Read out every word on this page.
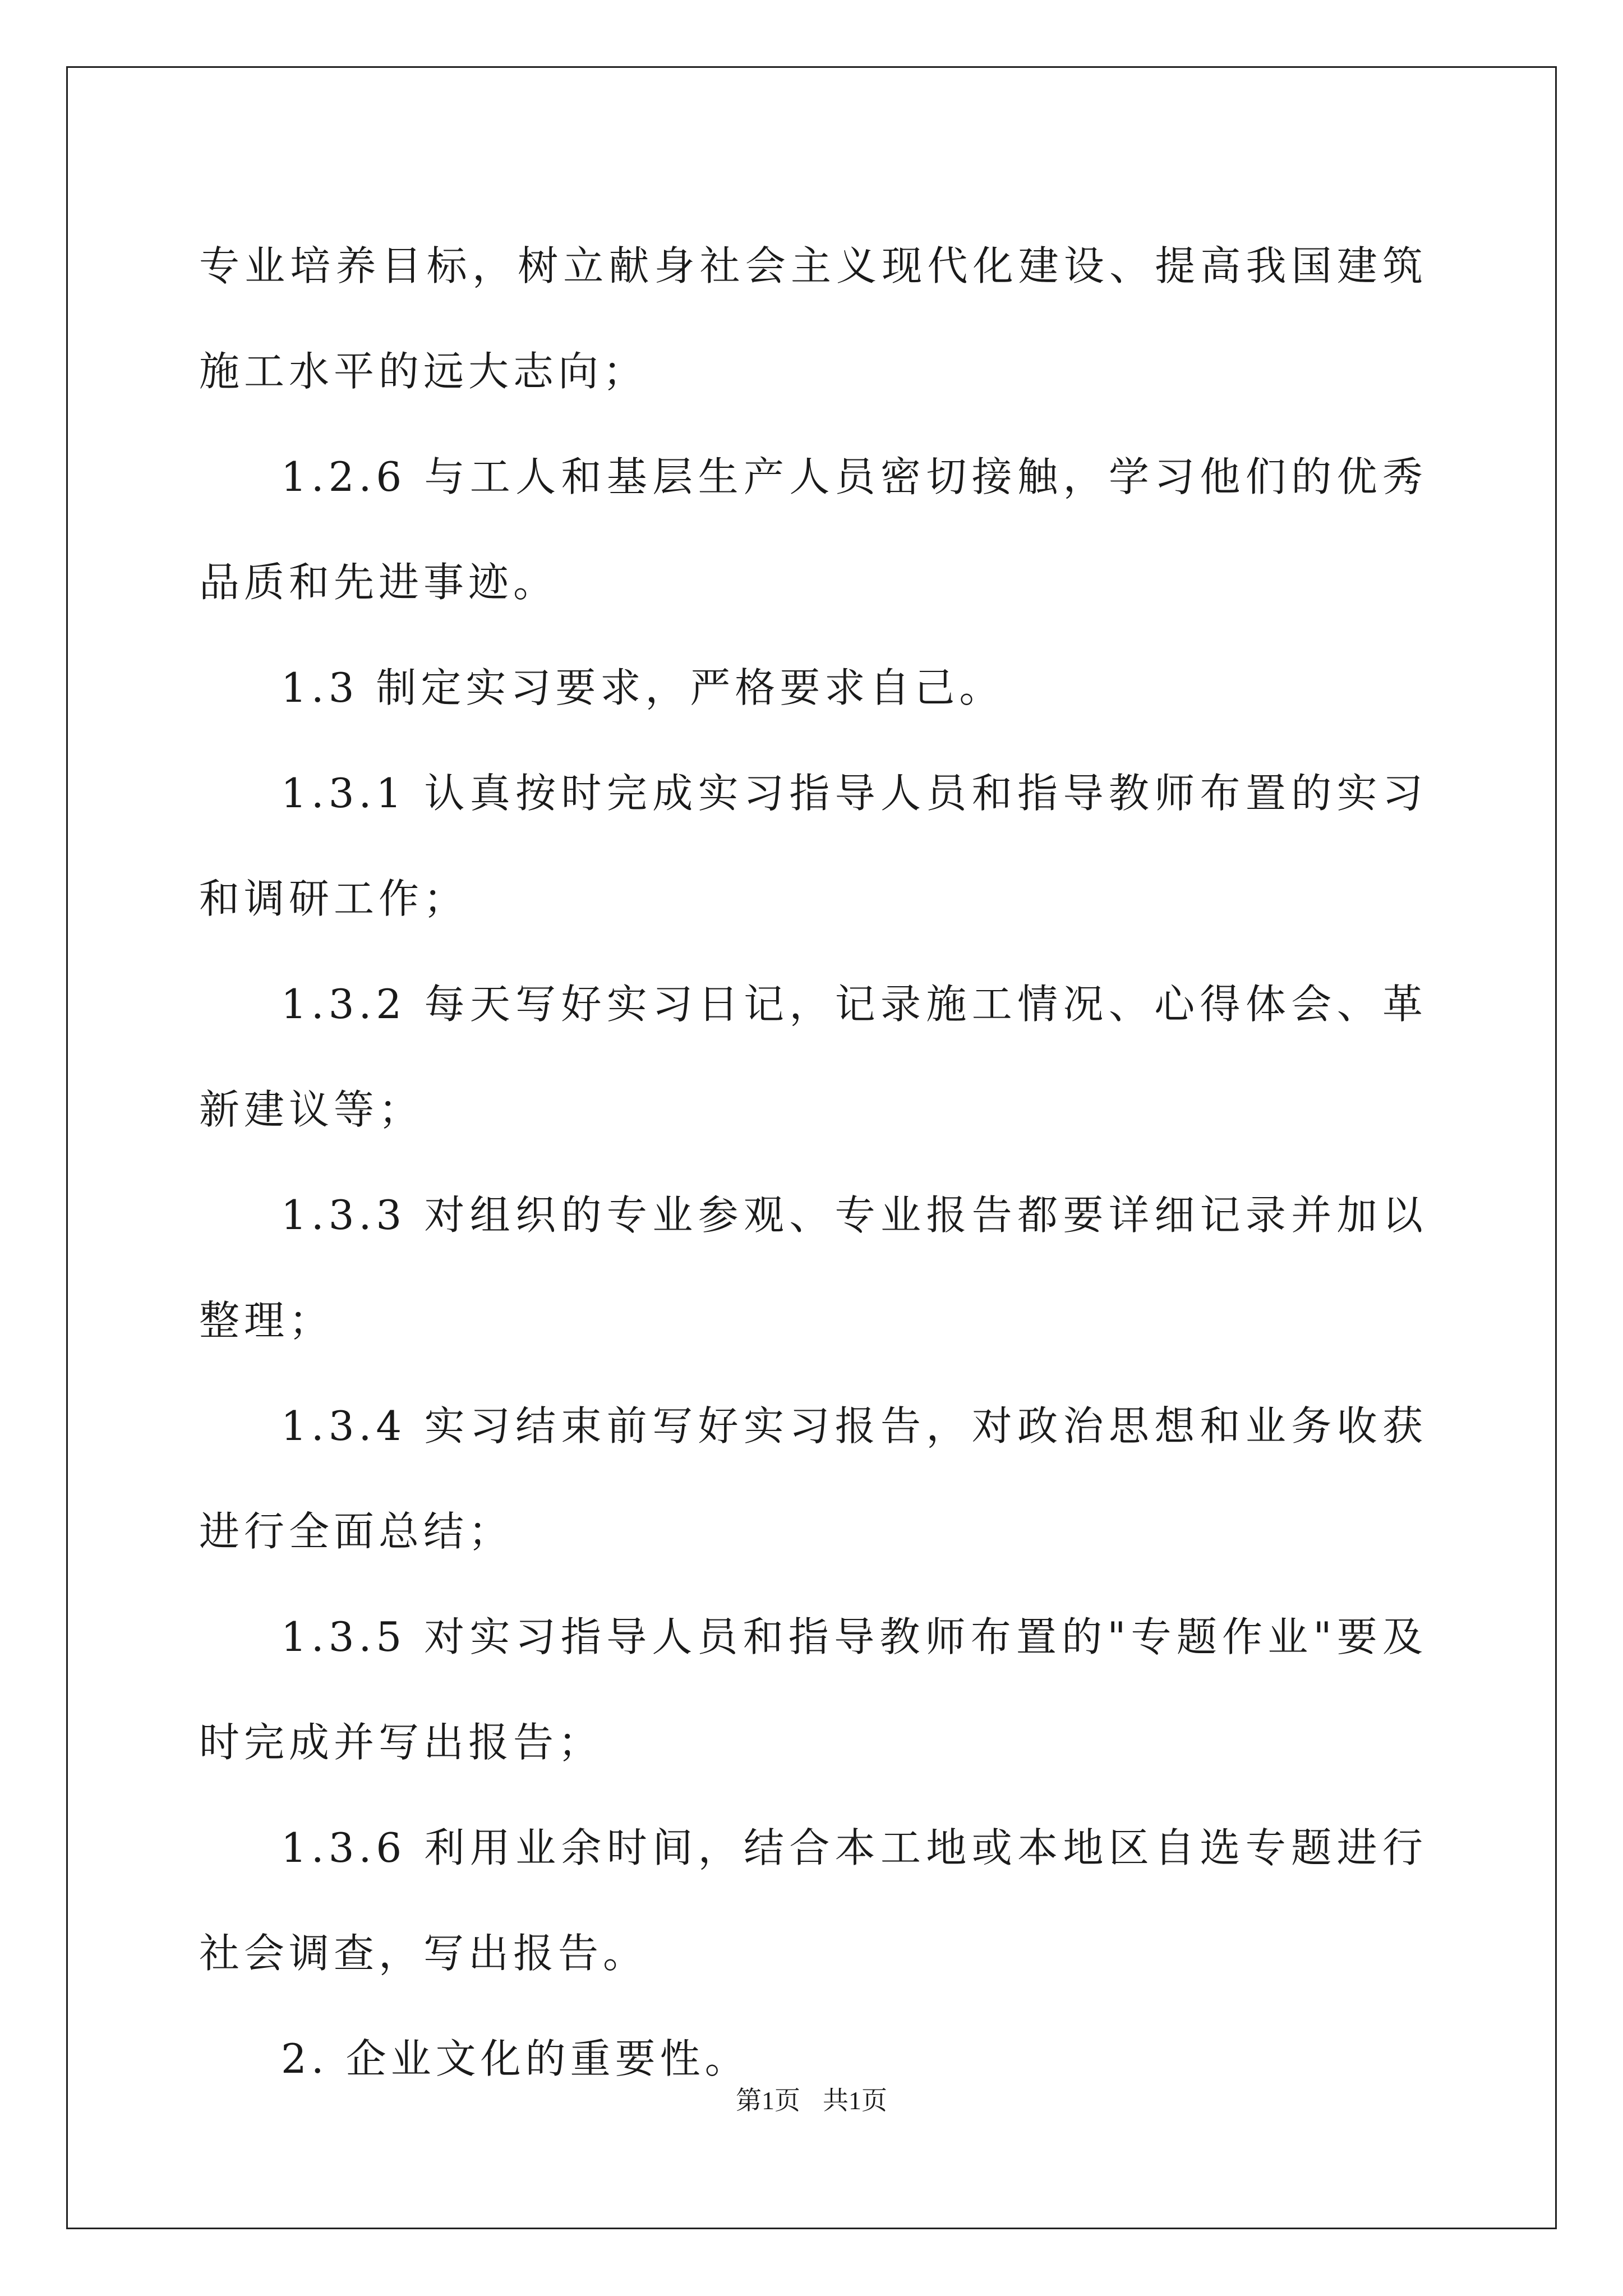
专业培养目标，树立献身社会主义现代化建设、提高我国建筑施工水平的远大志向；

1.2.6 与工人和基层生产人员密切接触，学习他们的优秀品质和先进事迹。

1.3 制定实习要求，严格要求自己。

1.3.1 认真按时完成实习指导人员和指导教师布置的实习和调研工作；

1.3.2 每天写好实习日记，记录施工情况、心得体会、革新建议等；

1.3.3 对组织的专业参观、专业报告都要详细记录并加以整理；

1.3.4 实习结束前写好实习报告，对政治思想和业务收获进行全面总结；

1.3.5 对实习指导人员和指导教师布置的"专题作业"要及时完成并写出报告；

1.3.6 利用业余时间，结合本工地或本地区自选专题进行社会调查，写出报告。

2. 企业文化的重要性。

第1页 共1页
